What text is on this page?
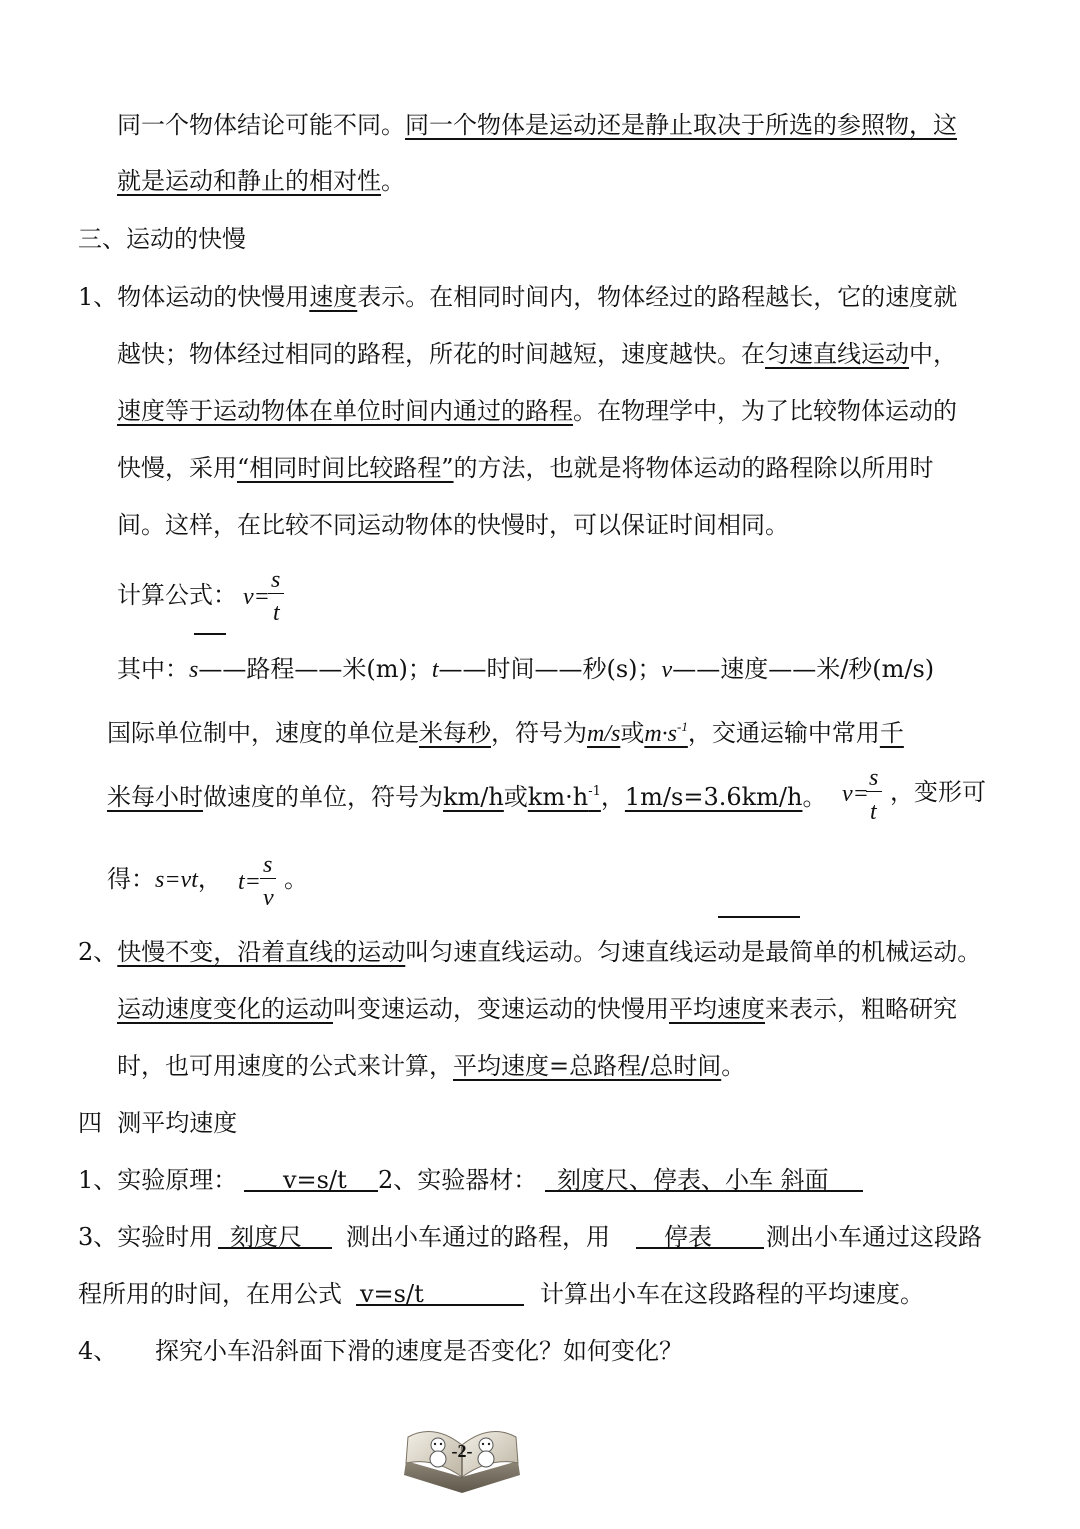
同一个物体结论可能不同。同一个物体是运动还是静止取决于所选的参照物，这
就是运动和静止的相对性。
三、运动的快慢
1、物体运动的快慢用速度表示。在相同时间内，物体经过的路程越长，它的速度就
越快；物体经过相同的路程，所花的时间越短，速度越快。在匀速直线运动中，
速度等于运动物体在单位时间内通过的路程。在物理学中，为了比较物体运动的
快慢，采用“相同时间比较路程”的方法，也就是将物体运动的路程除以所用时
间。这样，在比较不同运动物体的快慢时，可以保证时间相同。
计算公式： v=
s
t
其中：s——路程——米(m)；t——时间——秒(s)；v——速度——米/秒(m/s)
国际单位制中，速度的单位是米每秒，符号为m/s或$m\cdot s^{-1}$，交通运输中常用千
米每小时做速度的单位，符号为km/h或$km\cdot h^{-1}$，1m/s=3.6km/h。 v=
s
t
，变形可
得：s=vt， t=
s
v
。
2、快慢不变，沿着直线的运动叫匀速直线运动。匀速直线运动是最简单的机械运动。
运动速度变化的运动叫变速运动，变速运动的快慢用平均速度来表示，粗略研究
时，也可用速度的公式来计算，平均速度=总路程/总时间。
四  测平均速度
1、实验原理： v=s/t 2、实验器材： 刻度尺、停表、小车 斜面
3、实验时用 刻度尺 测出小车通过的路程，用 停表 测出小车通过这段路
程所用的时间，在用公式 v=s/t	计算出小车在这段路程的平均速度。
4、 探究小车沿斜面下滑的速度是否变化？如何变化？
-2-
